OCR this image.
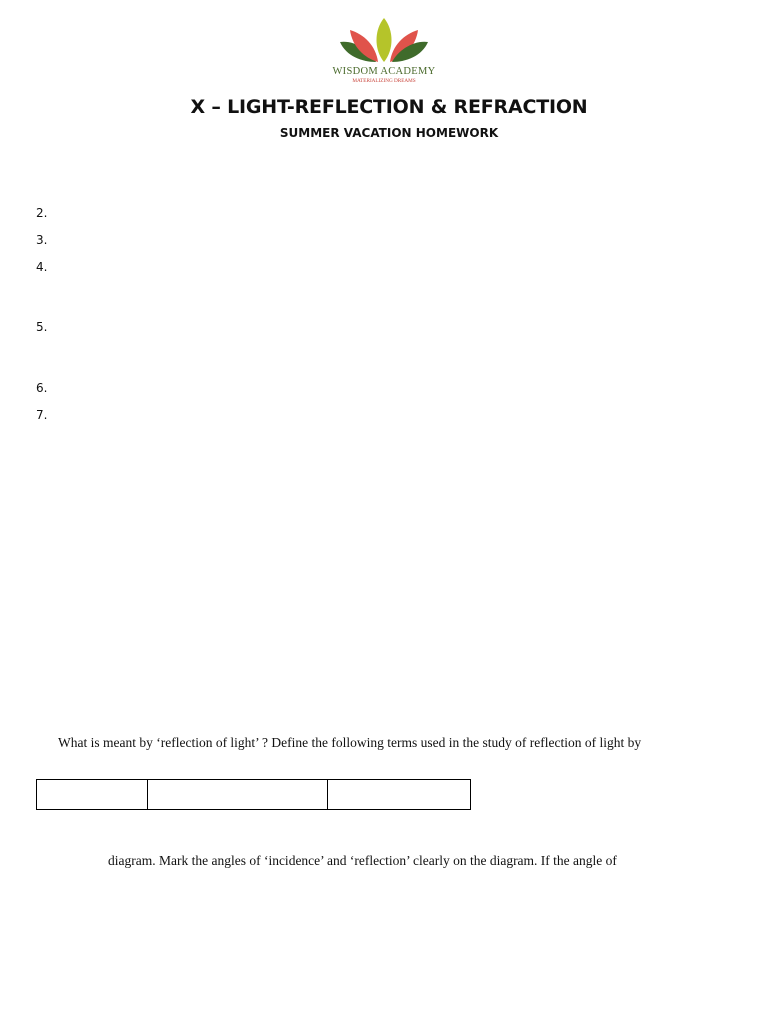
WISDOM ACADEMY
MATERIALIZING DREAMS
X – LIGHT-REFLECTION & REFRACTION
SUMMER VACATION HOMEWORK
2.
3.
4.
5.
6.
7.
What is meant by ‘reflection of light’ ? Define the following terms used in the study of reflection of light by

diagram. Mark the angles of ‘incidence’ and ‘reflection’ clearly on the diagram. If the angle of
